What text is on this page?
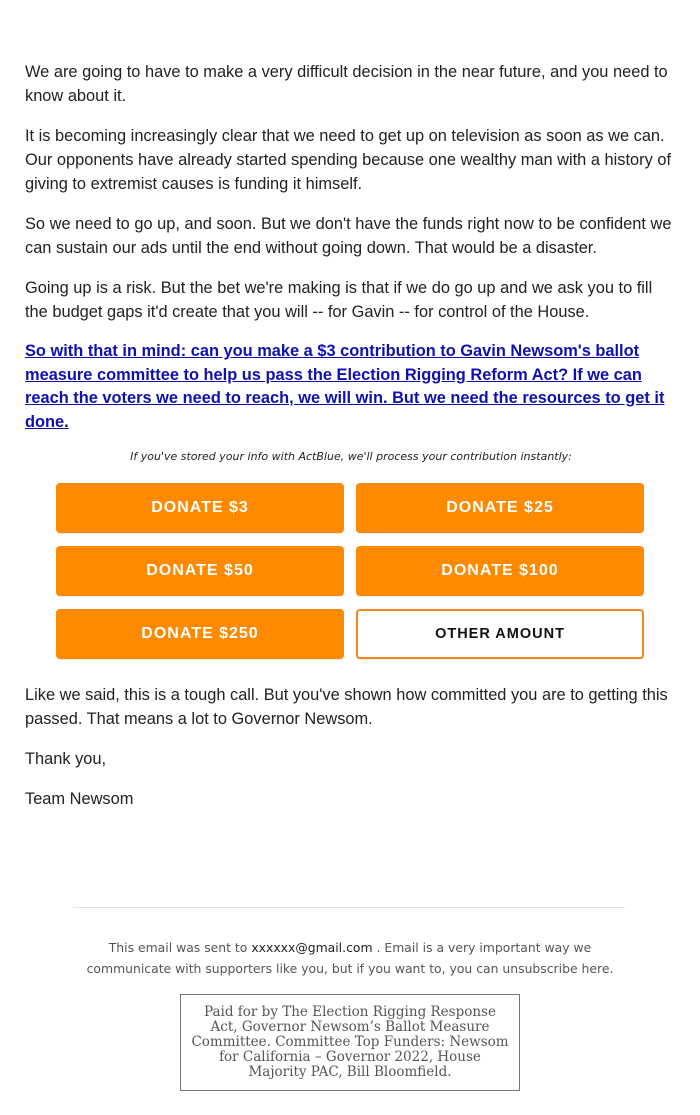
We are going to have to make a very difficult decision in the near future, and you need to know about it.

It is becoming increasingly clear that we need to get up on television as soon as we can. Our opponents have already started spending because one wealthy man with a history of giving to extremist causes is funding it himself.

So we need to go up, and soon. But we don't have the funds right now to be confident we can sustain our ads until the end without going down. That would be a disaster.

Going up is a risk. But the bet we're making is that if we do go up and we ask you to fill the budget gaps it'd create that you will -- for Gavin -- for control of the House.

So with that in mind: can you make a $3 contribution to Gavin Newsom's ballot measure committee to help us pass the Election Rigging Reform Act? If we can reach the voters we need to reach, we will win. But we need the resources to get it done.
If you've stored your info with ActBlue, we'll process your contribution instantly:
DONATE $3	DONATE $25
DONATE $50	DONATE $100
DONATE $250	OTHER AMOUNT

Like we said, this is a tough call. But you've shown how committed you are to getting this passed. That means a lot to Governor Newsom.

Thank you,

Team Newsom

This email was sent to xxxxxx@gmail.com . Email is a very important way we communicate with supporters like you, but if you want to, you can unsubscribe here.
Paid for by The Election Rigging Response Act, Governor Newsom’s Ballot Measure Committee. Committee Top Funders: Newsom for California – Governor 2022, House Majority PAC, Bill Bloomfield.
